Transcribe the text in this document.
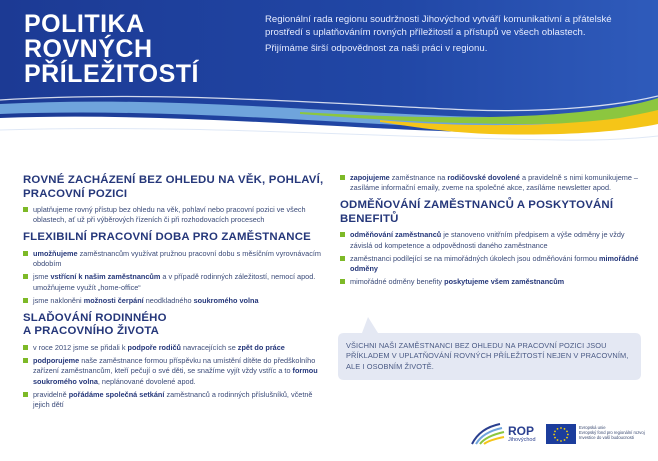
POLITIKA
ROVNÝCH
PŘÍLEŽITOSTÍ

Regionální rada regionu soudržnosti Jihovýchod vytváří komunikativní a přátelské prostředí s uplatňováním rovných příležitostí a přístupů ve všech oblastech.

Přijímáme širší odpovědnost za naši práci v regionu.

ROVNÉ ZACHÁZENÍ BEZ OHLEDU NA VĚK, POHLAVÍ,
PRACOVNÍ POZICI
uplatňujeme rovný přístup bez ohledu na věk, pohlaví nebo pracovní pozici ve všech oblastech, ať už při výběrových řízeních či při rozhodovacích procesech
FLEXIBILNÍ PRACOVNÍ DOBA PRO ZAMĚSTNANCE
umožňujeme zaměstnancům využívat pružnou pracovní dobu s měsíčním vyrovnávacím obdobím
jsme vstřícní k našim zaměstnancům a v případě rodinných záležitostí, nemocí apod. umožňujeme využít „home-office“
jsme nakloněni možnosti čerpání neodkladného soukromého volna
SLAĎOVÁNÍ RODINNÉHO
A PRACOVNÍHO ŽIVOTA
v roce 2012 jsme se přidali k podpoře rodičů navracejících se zpět do práce
podporujeme naše zaměstnance formou příspěvku na umístění dítěte do předškolního zařízení zaměstnancům, kteří pečují o své děti, se snažíme vyjít vždy vstříc a to formou soukromého volna, neplánované dovolené apod.
pravidelně pořádáme společná setkání zaměstnanců a rodinných příslušníků, včetně jejich dětí
zapojujeme zaměstnance na rodičovské dovolené a pravidelně s nimi komunikujeme – zasíláme informační emaily, zveme na společné akce, zasíláme newsletter apod.
ODMĚŇOVÁNÍ ZAMĚSTNANCŮ A POSKYTOVÁNÍ BENEFITŮ
odměňování zaměstnanců je stanoveno vnitřním předpisem a výše odměny je vždy závislá od kompetence a odpovědnosti daného zaměstnance
zaměstnanci podílející se na mimořádných úkolech jsou odměňováni formou mimořádné odměny
mimořádné odměny benefity poskytujeme všem zaměstnancům
VŠICHNI NAŠI ZAMĚSTNANCI BEZ OHLEDU NA PRACOVNÍ POZICI JSOU PŘÍKLADEM V UPLATŇOVÁNÍ ROVNÝCH PŘÍLEŽITOSTÍ NEJEN V PRACOVNÍM, ALE I OSOBNÍM ŽIVOTĚ.
ROP
Jihovýchod
Evropská unie
Evropský fond pro regionální rozvoj
Investice do vaší budoucnosti
